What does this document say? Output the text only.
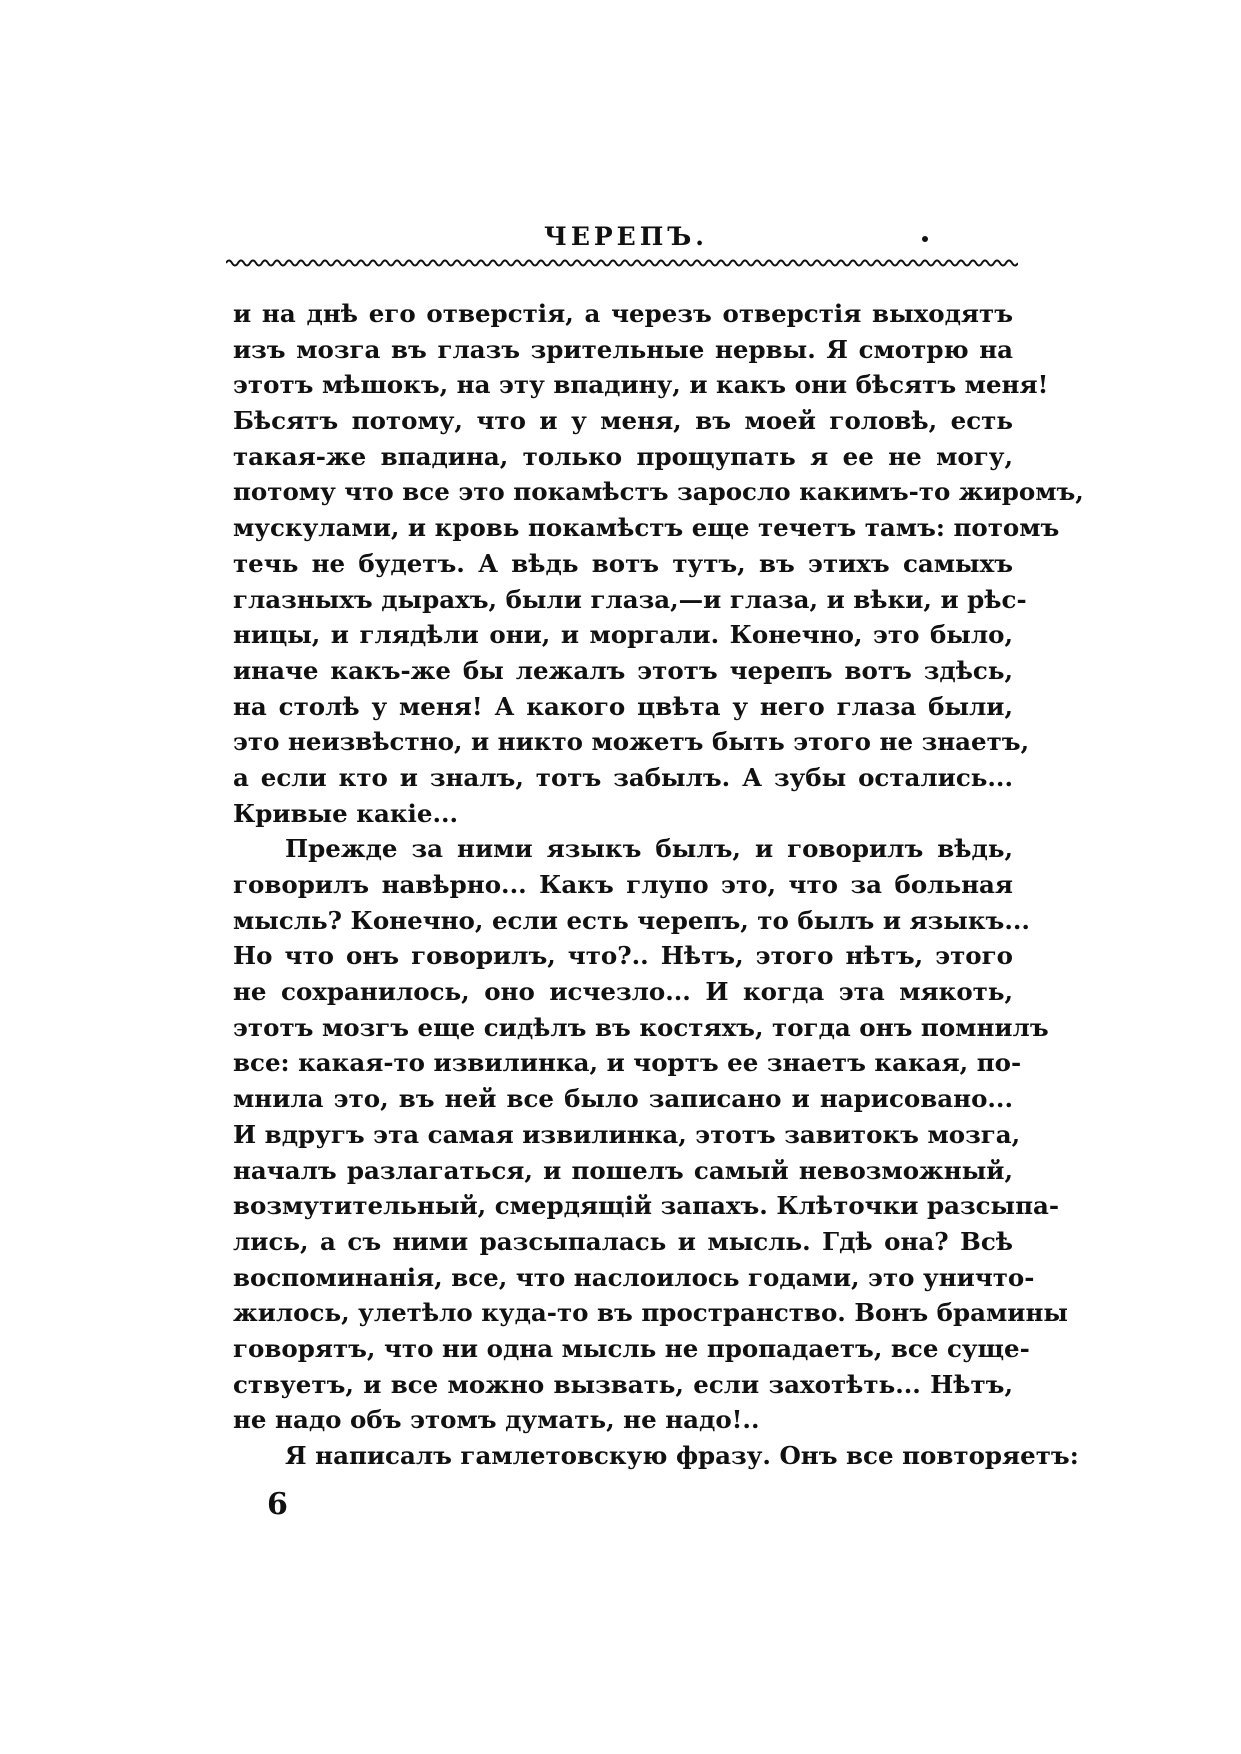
ЧЕРЕПЪ.
и на днѣ его отверстія, а черезъ отверстія выходятъ
изъ мозга въ глазъ зрительные нервы. Я смотрю на
этотъ мѣшокъ, на эту впадину, и какъ они бѣсятъ меня!
Бѣсятъ потому, что и у меня, въ моей головѣ, есть
такая-же впадина, только прощупать я ее не могу,
потому что все это покамѣстъ заросло какимъ-то жиромъ,
мускулами, и кровь покамѣстъ еще течетъ тамъ: потомъ
течь не будетъ. А вѣдь вотъ тутъ, въ этихъ самыхъ
глазныхъ дырахъ, были глаза,—и глаза, и вѣки, и рѣс-
ницы, и глядѣли они, и моргали. Конечно, это было,
иначе какъ-же бы лежалъ этотъ черепъ вотъ здѣсь,
на столѣ у меня! А какого цвѣта у него глаза были,
это неизвѣстно, и никто можетъ быть этого не знаетъ,
а если кто и зналъ, тотъ забылъ. А зубы остались...
Кривые какіе...
Прежде за ними языкъ былъ, и говорилъ вѣдь,
говорилъ навѣрно... Какъ глупо это, что за больная
мысль? Конечно, если есть черепъ, то былъ и языкъ...
Но что онъ говорилъ, что?.. Нѣтъ, этого нѣтъ, этого
не сохранилось, оно исчезло... И когда эта мякоть,
этотъ мозгъ еще сидѣлъ въ костяхъ, тогда онъ помнилъ
все: какая-то извилинка, и чортъ ее знаетъ какая, по-
мнила это, въ ней все было записано и нарисовано...
И вдругъ эта самая извилинка, этотъ завитокъ мозга,
началъ разлагаться, и пошелъ самый невозможный,
возмутительный, смердящій запахъ. Клѣточки разсыпа-
лись, а съ ними разсыпалась и мысль. Гдѣ она? Всѣ
воспоминанія, все, что наслоилось годами, это уничто-
жилось, улетѣло куда-то въ пространство. Вонъ брамины
говорятъ, что ни одна мысль не пропадаетъ, все суще-
ствуетъ, и все можно вызвать, если захотѣть... Нѣтъ,
не надо объ этомъ думать, не надо!..
Я написалъ гамлетовскую фразу. Онъ все повторяетъ:
6
